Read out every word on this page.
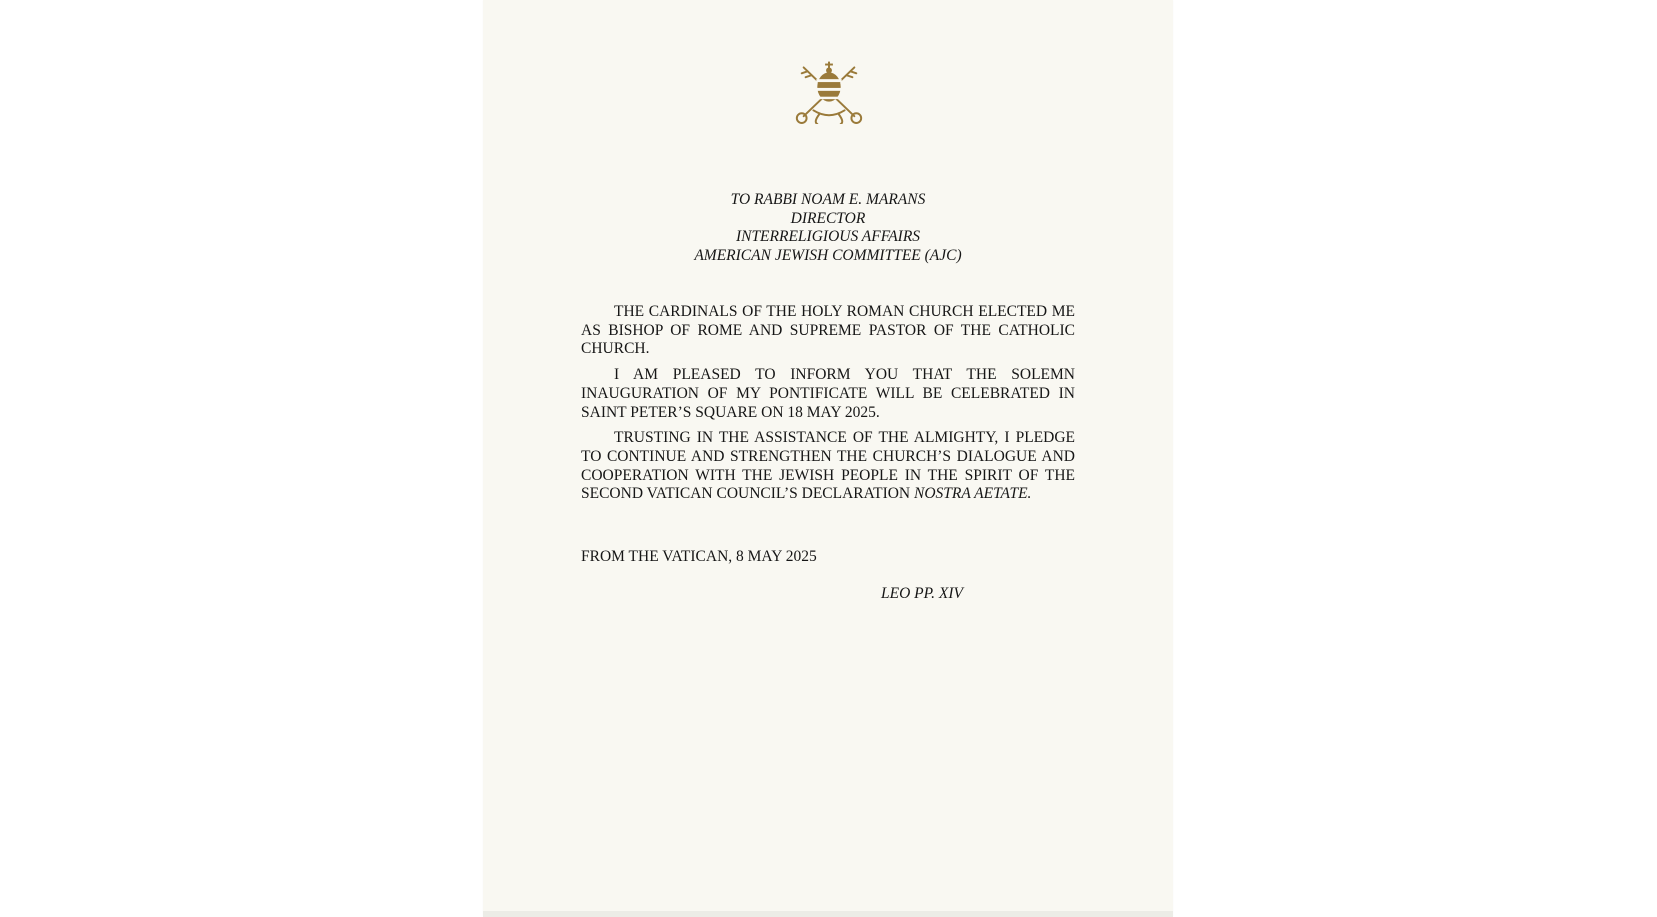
TO RABBI NOAM E. MARANS
DIRECTOR
INTERRELIGIOUS AFFAIRS
AMERICAN JEWISH COMMITTEE (AJC)

THE CARDINALS OF THE HOLY ROMAN CHURCH ELECTED ME AS BISHOP OF ROME AND SUPREME PASTOR OF THE CATHOLIC CHURCH.

I AM PLEASED TO INFORM YOU THAT THE SOLEMN INAUGURATION OF MY PONTIFICATE WILL BE CELEBRATED IN SAINT PETER’S SQUARE ON 18 MAY 2025.

TRUSTING IN THE ASSISTANCE OF THE ALMIGHTY, I PLEDGE TO CONTINUE AND STRENGTHEN THE CHURCH’S DIALOGUE AND COOPERATION WITH THE JEWISH PEOPLE IN THE SPIRIT OF THE SECOND VATICAN COUNCIL’S DECLARATION NOSTRA AETATE.

FROM THE VATICAN, 8 MAY 2025
LEO PP. XIV
